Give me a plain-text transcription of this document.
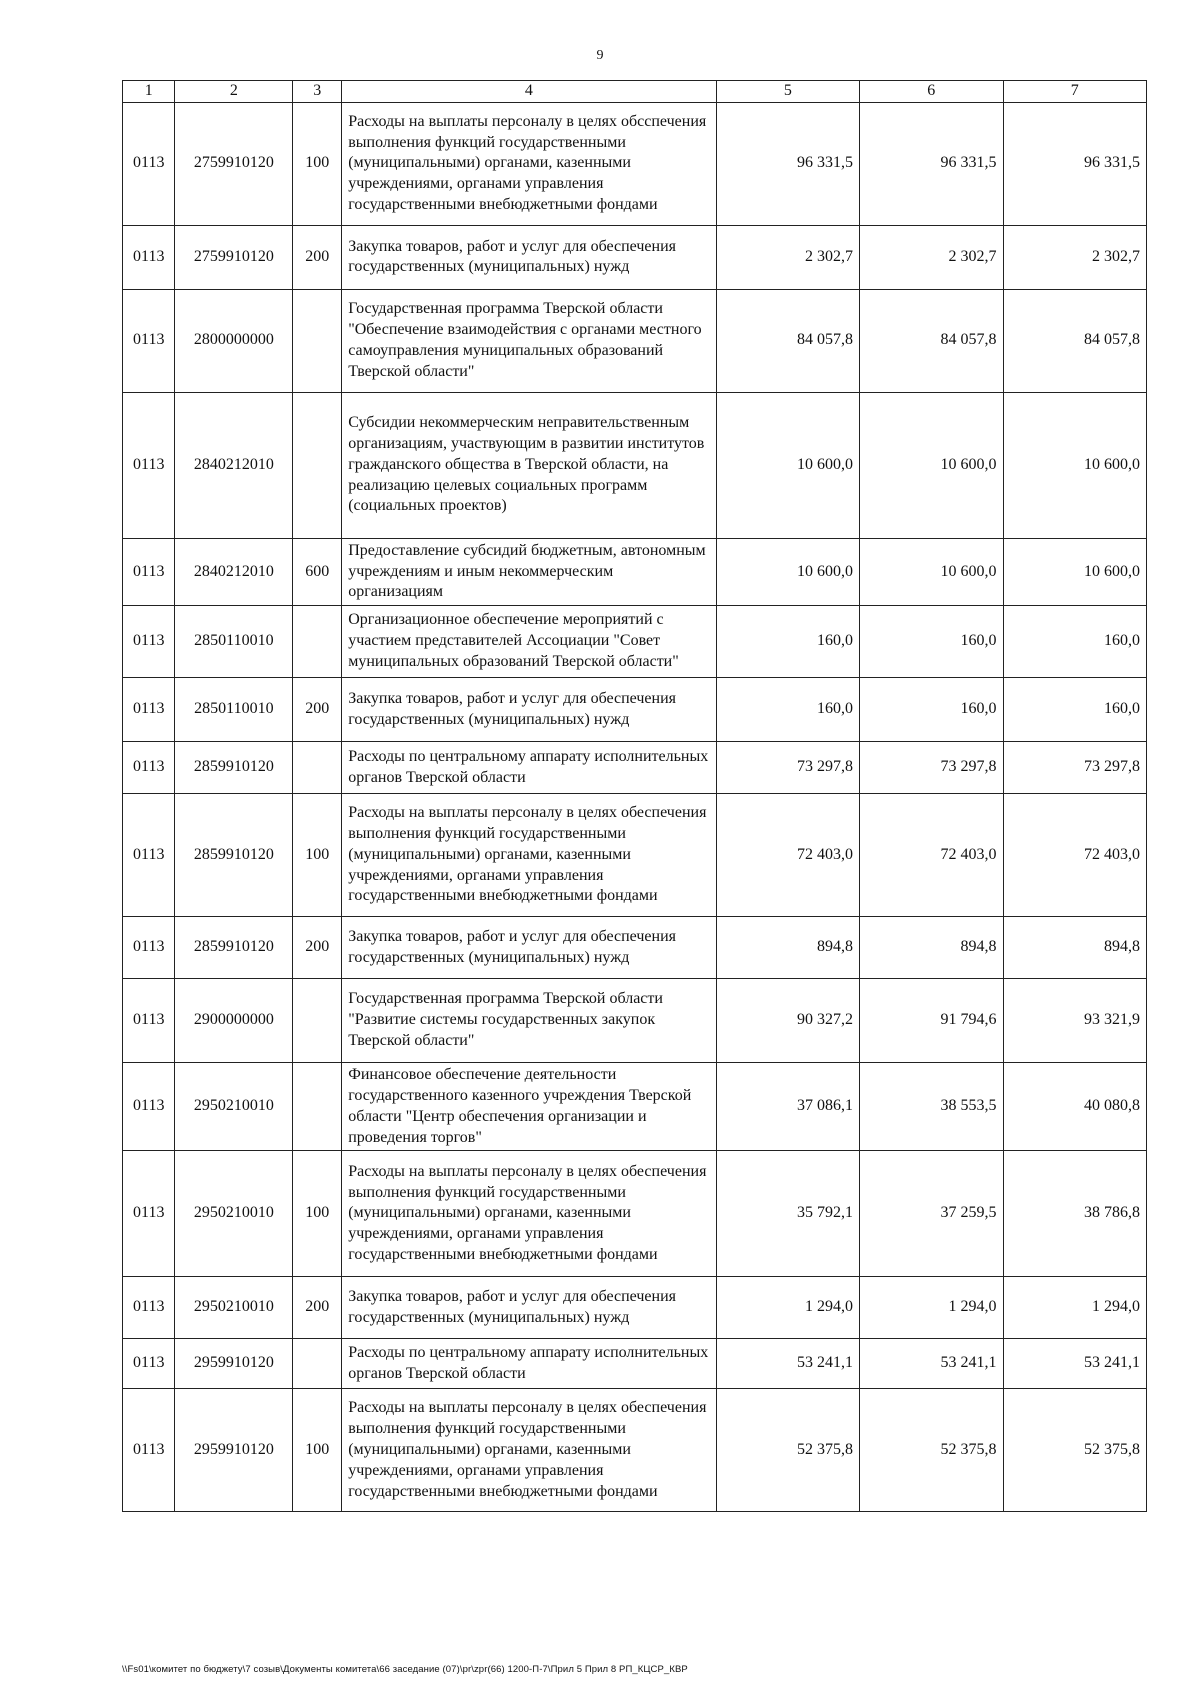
9
1	2	3	4	5	6	7
0113	2759910120	100	Расходы на выплаты персоналу в целях обсспечения выполнения функций государственными (муниципальными) органами, казенными учреждениями, органами управления государственными внебюджетными фондами	96 331,5	96 331,5	96 331,5
0113	2759910120	200	Закупка товаров, работ и услуг для обеспечения государственных (муниципальных) нужд	2 302,7	2 302,7	2 302,7
0113	2800000000		Государственная программа Тверской области "Обеспечение взаимодействия с органами местного самоуправления муниципальных образований Тверской области"	84 057,8	84 057,8	84 057,8
0113	2840212010		Субсидии некоммерческим неправительственным организациям, участвующим в развитии институтов гражданского общества в Тверской области, на реализацию целевых социальных программ (социальных проектов)	10 600,0	10 600,0	10 600,0
0113	2840212010	600	Предоставление субсидий бюджетным, автономным учреждениям и иным некоммерческим организациям	10 600,0	10 600,0	10 600,0
0113	2850110010		Организационное обеспечение мероприятий с участием представителей Ассоциации "Совет муниципальных образований Тверской области"	160,0	160,0	160,0
0113	2850110010	200	Закупка товаров, работ и услуг для обеспечения государственных (муниципальных) нужд	160,0	160,0	160,0
0113	2859910120		Расходы по центральному аппарату исполнительных органов Тверской области	73 297,8	73 297,8	73 297,8
0113	2859910120	100	Расходы на выплаты персоналу в целях обеспечения выполнения функций государственными (муниципальными) органами, казенными учреждениями, органами управления государственными внебюджетными фондами	72 403,0	72 403,0	72 403,0
0113	2859910120	200	Закупка товаров, работ и услуг для обеспечения государственных (муниципальных) нужд	894,8	894,8	894,8
0113	2900000000		Государственная программа Тверской области "Развитие системы государственных закупок Тверской области"	90 327,2	91 794,6	93 321,9
0113	2950210010		Финансовое обеспечение деятельности государственного казенного учреждения Тверской области "Центр обеспечения организации и проведения торгов"	37 086,1	38 553,5	40 080,8
0113	2950210010	100	Расходы на выплаты персоналу в целях обеспечения выполнения функций государственными (муниципальными) органами, казенными учреждениями, органами управления государственными внебюджетными фондами	35 792,1	37 259,5	38 786,8
0113	2950210010	200	Закупка товаров, работ и услуг для обеспечения государственных (муниципальных) нужд	1 294,0	1 294,0	1 294,0
0113	2959910120		Расходы по центральному аппарату исполнительных органов Тверской области	53 241,1	53 241,1	53 241,1
0113	2959910120	100	Расходы на выплаты персоналу в целях обеспечения выполнения функций государственными (муниципальными) органами, казенными учреждениями, органами управления государственными внебюджетными фондами	52 375,8	52 375,8	52 375,8
\\Fs01\комитет по бюджету\7 созыв\Документы комитета\66 заседание (07)\pr\zpr(66) 1200-П-7\Прил 5 Прил 8 РП_КЦСР_КВР
